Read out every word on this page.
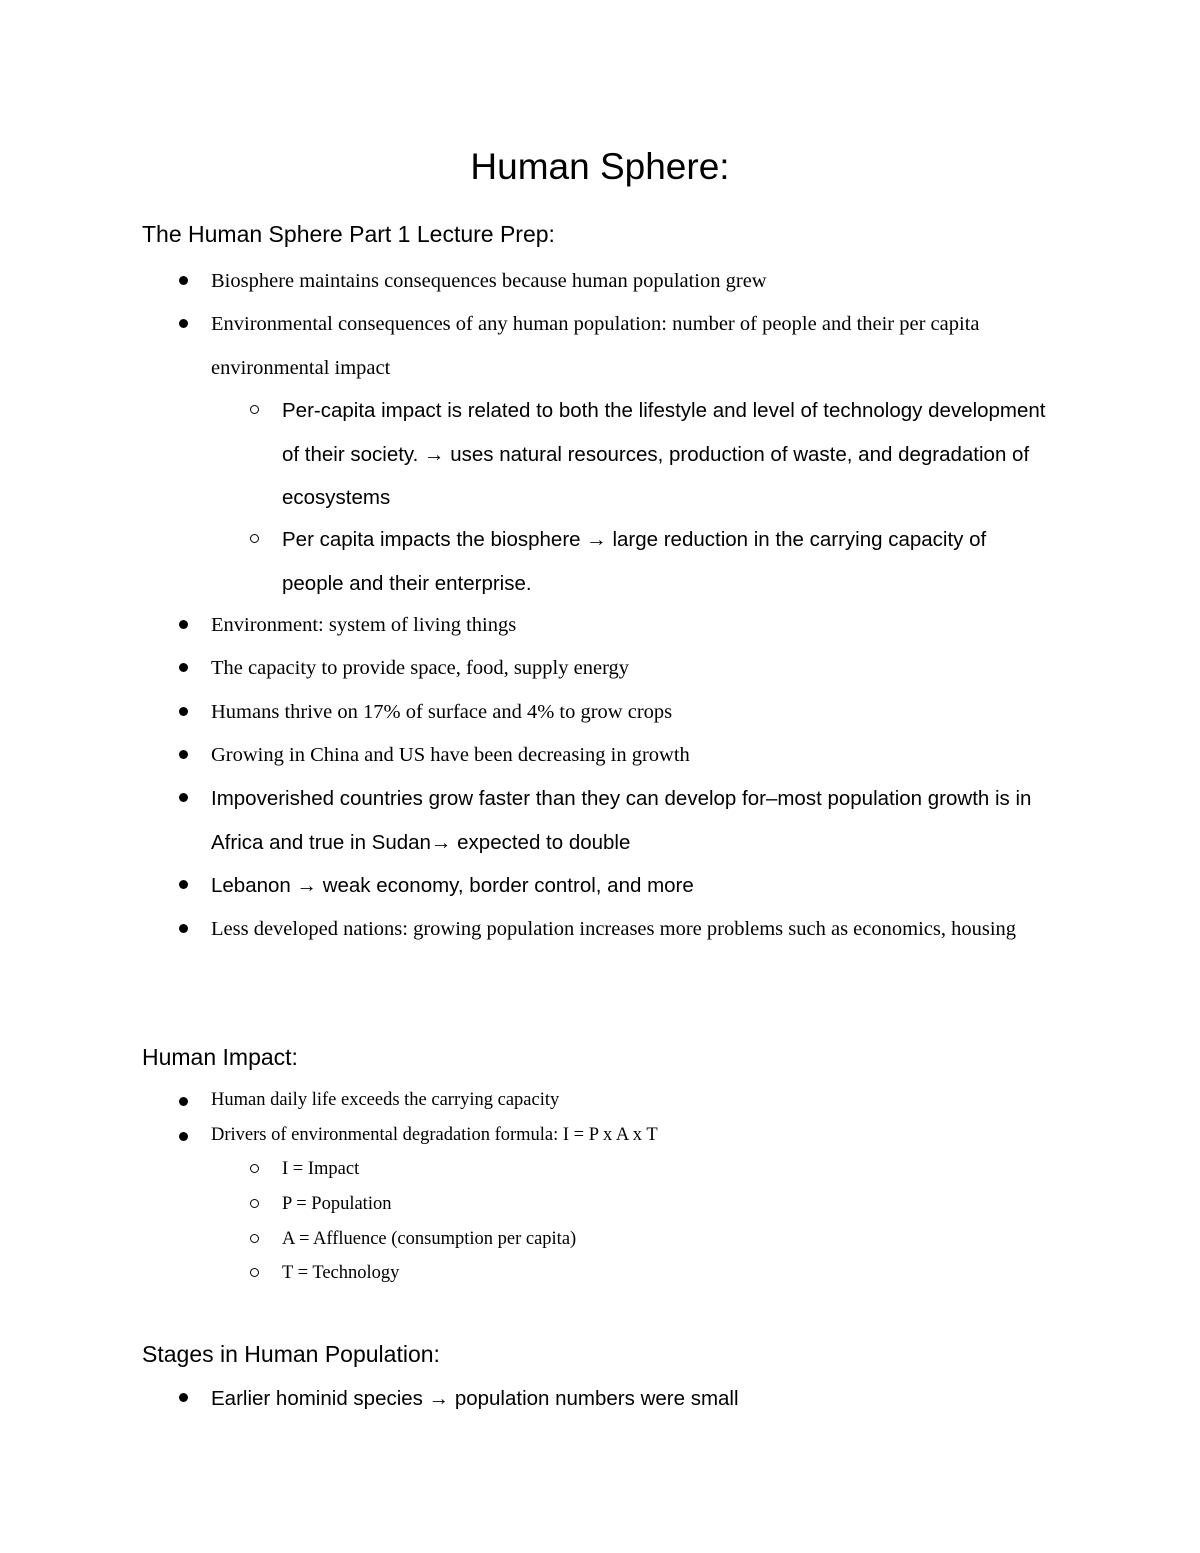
Human Sphere:
The Human Sphere Part 1 Lecture Prep:

Biosphere maintains consequences because human population grew

Environmental consequences of any human population: number of people and their per capita environmental impact

Per-capita impact is related to both the lifestyle and level of technology development of their society. → uses natural resources, production of waste, and degradation of ecosystems

Per capita impacts the biosphere → large reduction in the carrying capacity of people and their enterprise.

Environment: system of living things

The capacity to provide space, food, supply energy

Humans thrive on 17% of surface and 4% to grow crops

Growing in China and US have been decreasing in growth

Impoverished countries grow faster than they can develop for–most population growth is in Africa and true in Sudan→ expected to double

Lebanon → weak economy, border control, and more

Less developed nations: growing population increases more problems such as economics, housing

Human Impact:

Human daily life exceeds the carrying capacity

Drivers of environmental degradation formula: I = P x A x T

I = Impact

P = Population

A = Affluence (consumption per capita)

T = Technology

Stages in Human Population:

Earlier hominid species → population numbers were small
